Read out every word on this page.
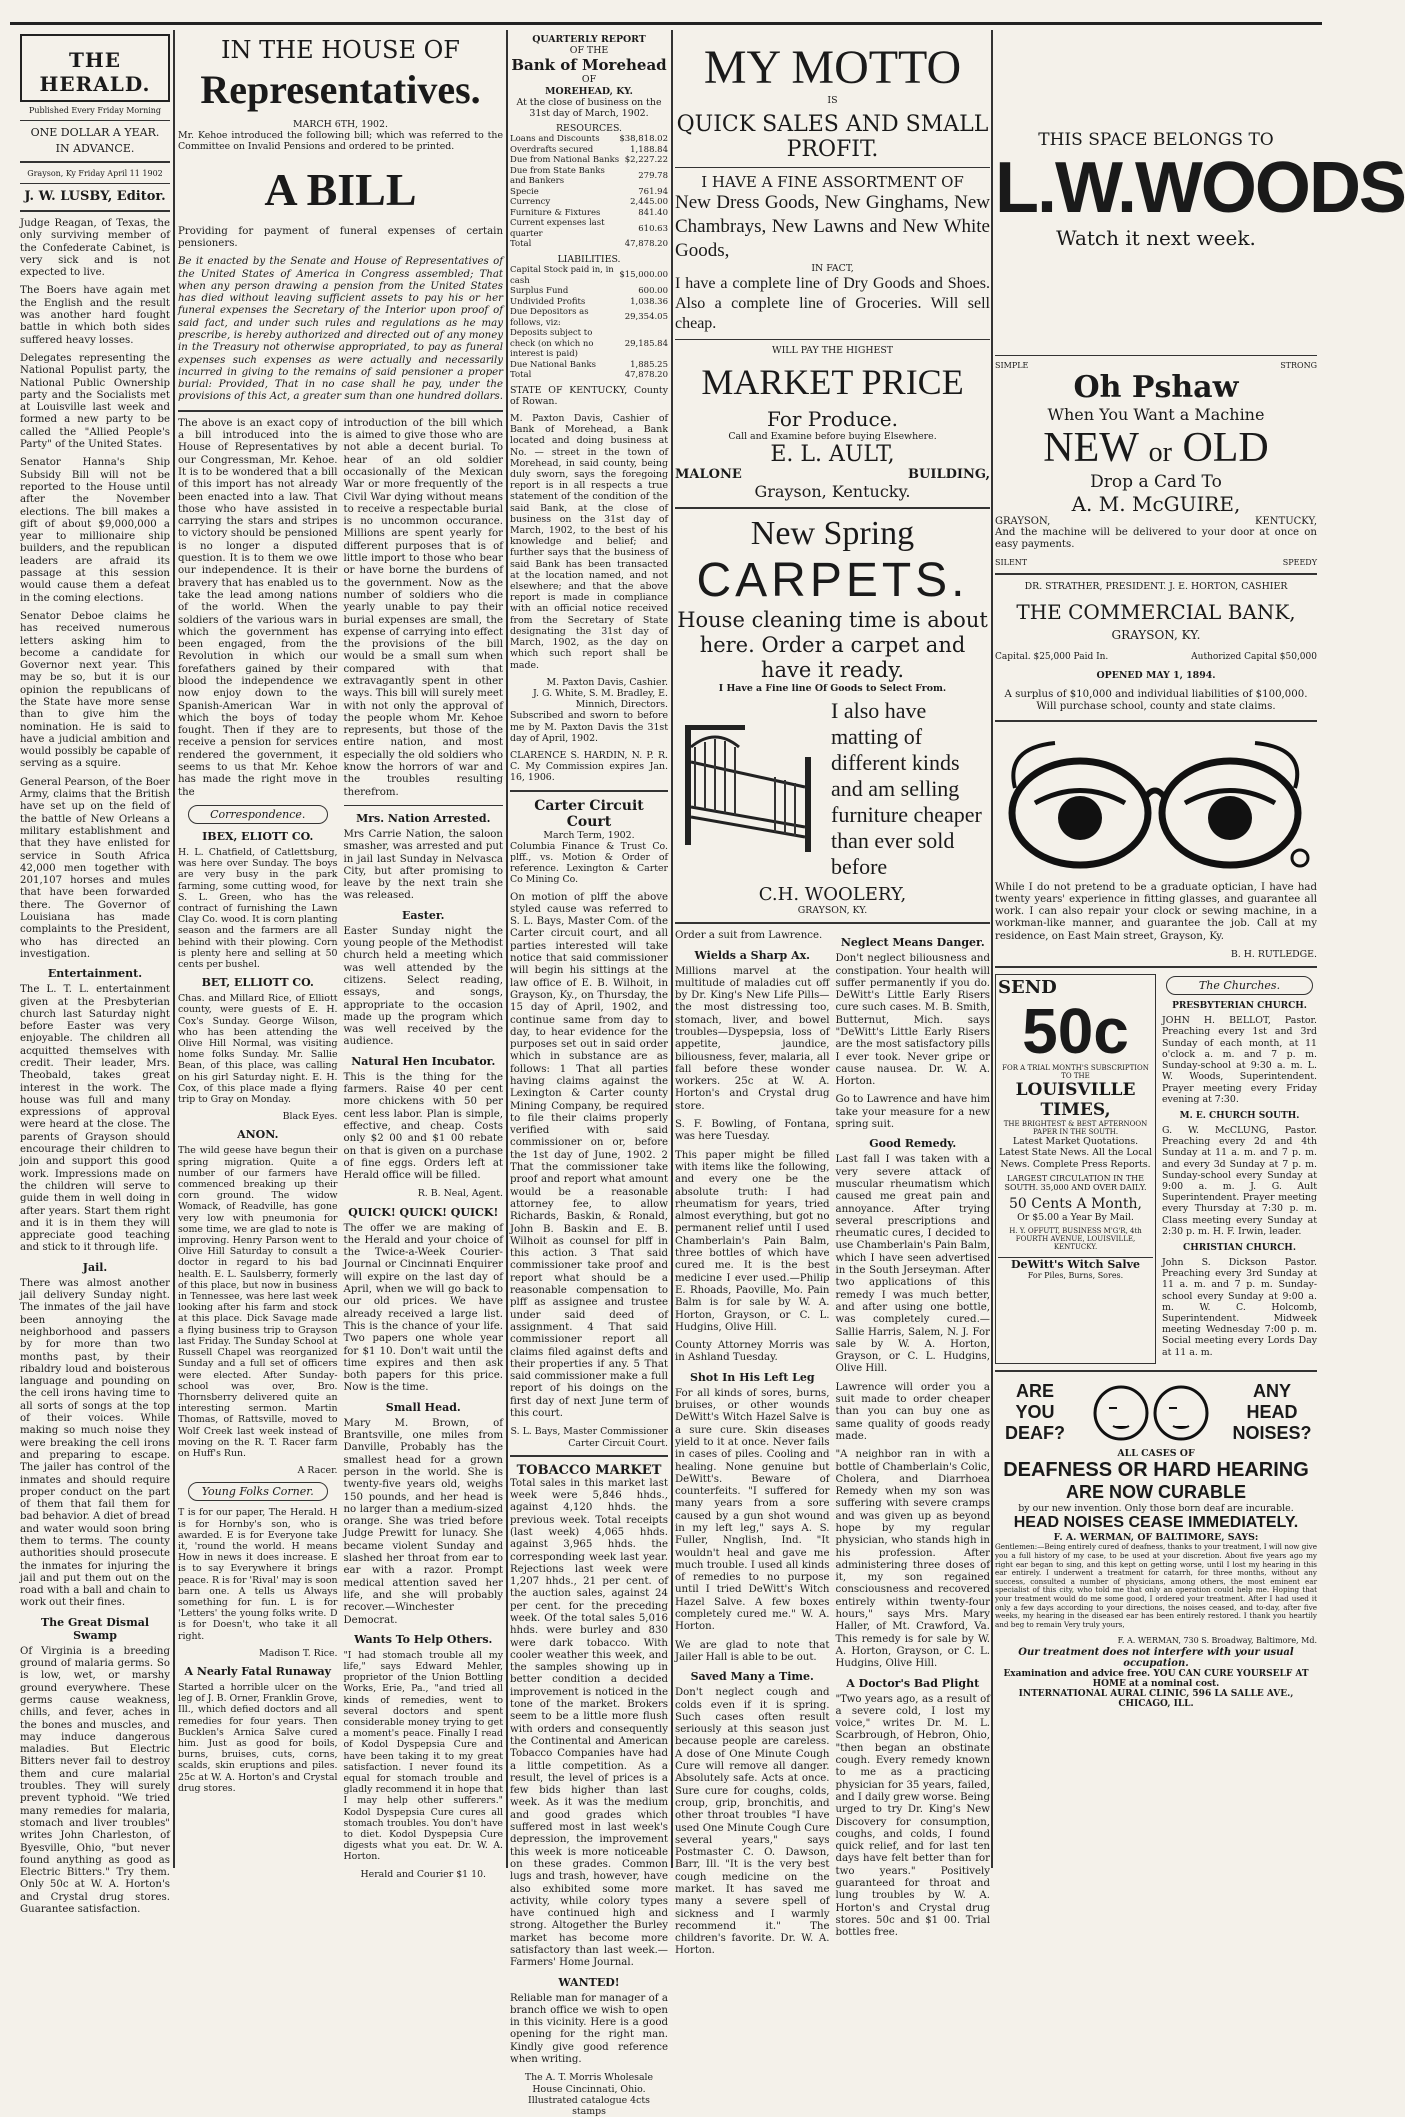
THE HERALD.
Published Every Friday Morning
ONE DOLLAR A YEAR.
IN ADVANCE.
Grayson, Ky Friday April 11 1902
J. W. LUSBY, Editor.

Judge Reagan, of Texas, the only surviving member of the Confederate Cabinet, is very sick and is not expected to live.

The Boers have again met the English and the result was another hard fought battle in which both sides suffered heavy losses.

Delegates representing the National Populist party, the National Public Ownership party and the Socialists met at Louisville last week and formed a new party to be called the "Allied People's Party" of the United States.

Senator Hanna's Ship Subsidy Bill will not be reported to the House until after the November elections. The bill makes a gift of about $9,000,000 a year to millionaire ship builders, and the republican leaders are afraid its passage at this session would cause them a defeat in the coming elections.

Senator Deboe claims he has received numerous letters asking him to become a candidate for Governor next year. This may be so, but it is our opinion the republicans of the State have more sense than to give him the nomination. He is said to have a judicial ambition and would possibly be capable of serving as a squire.

General Pearson, of the Boer Army, claims that the British have set up on the field of the battle of New Orleans a military establishment and that they have enlisted for service in South Africa 42,000 men together with 201,107 horses and mules that have been forwarded there. The Governor of Louisiana has made complaints to the President, who has directed an investigation.

Entertainment.

The L. T. L. entertainment given at the Presbyterian church last Saturday night before Easter was very enjoyable. The children all acquitted themselves with credit. Their leader, Mrs. Theobald, takes great interest in the work. The house was full and many expressions of approval were heard at the close. The parents of Grayson should encourage their children to join and support this good work. Impressions made on the children will serve to guide them in well doing in after years. Start them right and it is in them they will appreciate good teaching and stick to it through life.

Jail.

There was almost another jail delivery Sunday night. The inmates of the jail have been annoying the neighborhood and passers by for more than two months past, by their ribaldry loud and boisterous language and pounding on the cell irons having time to all sorts of songs at the top of their voices. While making so much noise they were breaking the cell irons and preparing to escape. The jailer has control of the inmates and should require proper conduct on the part of them that fail them for bad behavior. A diet of bread and water would soon bring them to terms. The county authorities should prosecute the inmates for injuring the jail and put them out on the road with a ball and chain to work out their fines.

The Great Dismal Swamp

Of Virginia is a breeding ground of malaria germs. So is low, wet, or marshy ground everywhere. These germs cause weakness, chills, and fever, aches in the bones and muscles, and may induce dangerous maladies. But Electric Bitters never fail to destroy them and cure malarial troubles. They will surely prevent typhoid. "We tried many remedies for malaria, stomach and liver troubles" writes John Charleston, of Byesville, Ohio, "but never found anything as good as Electric Bitters." Try them. Only 50c at W. A. Horton's and Crystal drug stores. Guarantee satisfaction.

IN THE HOUSE OF
Representatives.
MARCH 6TH, 1902.

Mr. Kehoe introduced the following bill; which was referred to the Committee on Invalid Pensions and ordered to be printed.

A BILL

Providing for payment of funeral expenses of certain pensioners.

Be it enacted by the Senate and House of Representatives of the United States of America in Congress assembled; That when any person drawing a pension from the United States has died without leaving sufficient assets to pay his or her funeral expenses the Secretary of the Interior upon proof of said fact, and under such rules and regulations as he may prescribe, is hereby authorized and directed out of any money in the Treasury not otherwise appropriated, to pay as funeral expenses such expenses as were actually and necessarily incurred in giving to the remains of said pensioner a proper burial: Provided, That in no case shall he pay, under the provisions of this Act, a greater sum than one hundred dollars.

The above is an exact copy of a bill introduced into the House of Representatives by our Congressman, Mr. Kehoe. It is to be wondered that a bill of this import has not already been enacted into a law. That those who have assisted in carrying the stars and stripes to victory should be pensioned is no longer a disputed question. It is to them we owe our independence. It is their bravery that has enabled us to take the lead among nations of the world. When the soldiers of the various wars in which the government has been engaged, from the Revolution in which our forefathers gained by their blood the independence we now enjoy down to the Spanish-American War in which the boys of today fought. Then if they are to receive a pension for services rendered the government, it seems to us that Mr. Kehoe has made the right move in the

Correspondence.
IBEX, ELIOTT CO.

H. L. Chatfield, of Catlettsburg, was here over Sunday. The boys are very busy in the park farming, some cutting wood, for S. L. Green, who has the contract of furnishing the Lawn Clay Co. wood. It is corn planting season and the farmers are all behind with their plowing. Corn is plenty here and selling at 50 cents per bushel.

BET, ELLIOTT CO.

Chas. and Millard Rice, of Elliott county, were guests of E. H. Cox's Sunday. George Wilson, who has been attending the Olive Hill Normal, was visiting home folks Sunday. Mr. Sallie Bean, of this place, was calling on his girl Saturday night. E. H. Cox, of this place made a flying trip to Gray on Monday.

Black Eyes.
ANON.

The wild geese have begun their spring migration. Quite a number of our farmers have commenced breaking up their corn ground. The widow Womack, of Readville, has gone very low with pneumonia for some time, we are glad to note is improving. Henry Parson went to Olive Hill Saturday to consult a doctor in regard to his bad health. E. L. Saulsberry, formerly of this place, but now in business in Tennessee, was here last week looking after his farm and stock at this place. Dick Savage made a flying business trip to Grayson last Friday. The Sunday School at Russell Chapel was reorganized Sunday and a full set of officers were elected. After Sunday-school was over, Bro. Thornsberry delivered quite an interesting sermon. Martin Thomas, of Rattsville, moved to Wolf Creek last week instead of moving on the R. T. Racer farm on Huff's Run.

A Racer.
Young Folks Corner.

T is for our paper, The Herald. H is for Hornby's son, who is awarded. E is for Everyone take it, 'round the world. H means How in news it does increase. E is to say Everywhere it brings peace. R is for 'Rival' may is soon barn one. A tells us Always something for fun. L is for 'Letters' the young folks write. D is for Doesn't, who take it all right.

Madison T. Rice.
A Nearly Fatal Runaway

Started a horrible ulcer on the leg of J. B. Orner, Franklin Grove, Ill., which defied doctors and all remedies for four years. Then Bucklen's Arnica Salve cured him. Just as good for boils, burns, bruises, cuts, corns, scalds, skin eruptions and piles. 25c at W. A. Horton's and Crystal drug stores.

introduction of the bill which is aimed to give those who are not able a decent burial. To hear of an old soldier occasionally of the Mexican War or more frequently of the Civil War dying without means to receive a respectable burial is no uncommon occurance. Millions are spent yearly for different purposes that is of little import to those who bear or have borne the burdens of the government. Now as the number of soldiers who die yearly unable to pay their burial expenses are small, the expense of carrying into effect the provisions of the bill would be a small sum when compared with that extravagantly spent in other ways. This bill will surely meet with not only the approval of the people whom Mr. Kehoe represents, but those of the entire nation, and most especially the old soldiers who know the horrors of war and the troubles resulting therefrom.

Mrs. Nation Arrested.

Mrs Carrie Nation, the saloon smasher, was arrested and put in jail last Sunday in Nelvasca City, but after promising to leave by the next train she was released.

Easter.

Easter Sunday night the young people of the Methodist church held a meeting which was well attended by the citizens. Select reading, essays, and songs, appropriate to the occasion made up the program which was well received by the audience.

Natural Hen Incubator.

This is the thing for the farmers. Raise 40 per cent more chickens with 50 per cent less labor. Plan is simple, effective, and cheap. Costs only $2 00 and $1 00 rebate on that is given on a purchase of fine eggs. Orders left at Herald office will be filled.

R. B. Neal, Agent.
QUICK! QUICK! QUICK!

The offer we are making of the Herald and your choice of the Twice-a-Week Courier-Journal or Cincinnati Enquirer will expire on the last day of April, when we will go back to our old prices. We have already received a large list. This is the chance of your life. Two papers one whole year for $1 10. Don't wait until the time expires and then ask both papers for this price. Now is the time.

Small Head.

Mary M. Brown, of Brantsville, one miles from Danville, Probably has the smallest head for a grown person in the world. She is twenty-five years old, weighs 150 pounds, and her head is no larger than a medium-sized orange. She was tried before Judge Prewitt for lunacy. She became violent Sunday and slashed her throat from ear to ear with a razor. Prompt medical attention saved her life, and she will probably recover.—Winchester Democrat.

Wants To Help Others.

"I had stomach trouble all my life," says Edward Mehler, proprietor of the Union Bottling Works, Erie, Pa., "and tried all kinds of remedies, went to several doctors and spent considerable money trying to get a moment's peace. Finally I read of Kodol Dyspepsia Cure and have been taking it to my great satisfaction. I never found its equal for stomach trouble and gladly recommend it in hope that I may help other sufferers." Kodol Dyspepsia Cure cures all stomach troubles. You don't have to diet. Kodol Dyspepsia Cure digests what you eat. Dr. W. A. Horton.

Herald and Courier $1 10.
QUARTERLY REPORT
OF THE
Bank of Morehead
OF
MOREHEAD, KY.
At the close of business on the 31st day of March, 1902.
RESOURCES.
Loans and Discounts	$38,818.02
Overdrafts secured	1,188.84
Due from National Banks	$2,227.22
Due from State Banks and Bankers	279.78
Specie	761.94
Currency	2,445.00
Furniture & Fixtures	841.40
Current expenses last quarter	610.63
Total	47,878.20
LIABILITIES.
Capital Stock paid in, in cash	$15,000.00
Surplus Fund	600.00
Undivided Profits	1,038.36
Due Depositors as follows, viz:	29,354.05
Deposits subject to check (on which no interest is paid)	29,185.84
Due National Banks	1,885.25
Total	47,878.20

STATE OF KENTUCKY, County of Rowan.

M. Paxton Davis, Cashier of Bank of Morehead, a Bank located and doing business at No. — street in the town of Morehead, in said county, being duly sworn, says the foregoing report is in all respects a true statement of the condition of the said Bank, at the close of business on the 31st day of March, 1902, to the best of his knowledge and belief; and further says that the business of said Bank has been transacted at the location named, and not elsewhere; and that the above report is made in compliance with an official notice received from the Secretary of State designating the 31st day of March, 1902, as the day on which such report shall be made.

M. Paxton Davis, Cashier.
J. G. White, S. M. Bradley, E. Minnich, Directors.

Subscribed and sworn to before me by M. Paxton Davis the 31st day of April, 1902.

CLARENCE S. HARDIN, N. P. R. C. My Commission expires Jan. 16, 1906.

Carter Circuit Court
March Term, 1902.

Columbia Finance & Trust Co. plff., vs. Motion & Order of reference. Lexington & Carter Co Mining Co.

On motion of plff the above styled cause was referred to S. L. Bays, Master Com. of the Carter circuit court, and all parties interested will take notice that said commissioner will begin his sittings at the law office of E. B. Wilhoit, in Grayson, Ky., on Thursday, the 15 day of April, 1902, and continue same from day to day, to hear evidence for the purposes set out in said order which in substance are as follows: 1 That all parties having claims against the Lexington & Carter county Mining Company, be required to file their claims properly verified with said commissioner on or, before the 1st day of June, 1902. 2 That the commissioner take proof and report what amount would be a reasonable attorney fee, to allow Richards, Baskin, & Ronald, John B. Baskin and E. B. Wilhoit as counsel for plff in this action. 3 That said commissioner take proof and report what should be a reasonable compensation to plff as assignee and trustee under said deed of assignment. 4 That said commissioner report all claims filed against defts and their properties if any. 5 That said commissioner make a full report of his doings on the first day of next June term of this court.

S. L. Bays, Master Commissioner Carter Circuit Court.
TOBACCO MARKET

Total sales in this market last week were 5,846 hhds., against 4,120 hhds. the previous week. Total receipts (last week) 4,065 hhds. against 3,965 hhds. the corresponding week last year. Rejections last week were 1,207 hhds., 21 per cent. of the auction sales, against 24 per cent. for the preceding week. Of the total sales 5,016 hhds. were burley and 830 were dark tobacco. With cooler weather this week, and the samples showing up in better condition a decided improvement is noticed in the tone of the market. Brokers seem to be a little more flush with orders and consequently the Continental and American Tobacco Companies have had a little competition. As a result, the level of prices is a few bids higher than last week. As it was the medium and good grades which suffered most in last week's depression, the improvement this week is more noticeable on these grades. Common lugs and trash, however, have also exhibited some more activity, while colory types have continued high and strong. Altogether the Burley market has become more satisfactory than last week.—Farmers' Home Journal.

WANTED!

Reliable man for manager of a branch office we wish to open in this vicinity. Here is a good opening for the right man. Kindly give good reference when writing.

The A. T. Morris Wholesale House Cincinnati, Ohio.
Illustrated catalogue 4cts stamps
MY MOTTO
IS
QUICK SALES AND SMALL PROFIT.
I HAVE A FINE ASSORTMENT OF
New Dress Goods, New Ginghams, New Chambrays, New Lawns and New White Goods,
IN FACT,
I have a complete line of Dry Goods and Shoes. Also a complete line of Groceries. Will sell cheap.
WILL PAY THE HIGHEST
MARKET PRICE
For Produce.
Call and Examine before buying Elsewhere.
E. L. AULT,
MALONE	BUILDING,
Grayson, Kentucky.
New Spring
CARPETS.
House cleaning time is about here. Order a carpet and have it ready.
I Have a Fine line Of Goods to Select From.
I also have matting of different kinds and am selling furniture cheaper than ever sold before
C.H. WOOLERY,
GRAYSON, KY.

Order a suit from Lawrence.

Wields a Sharp Ax.

Millions marvel at the multitude of maladies cut off by Dr. King's New Life Pills—the most distressing too, stomach, liver, and bowel troubles—Dyspepsia, loss of appetite, jaundice, biliousness, fever, malaria, all fall before these wonder workers. 25c at W. A. Horton's and Crystal drug store.

S. F. Bowling, of Fontana, was here Tuesday.

This paper might be filled with items like the following, and every one be the absolute truth: I had rheumatism for years, tried almost everything, but got no permanent relief until I used Chamberlain's Pain Balm, three bottles of which have cured me. It is the best medicine I ever used.—Philip E. Rhoads, Paoville, Mo. Pain Balm is for sale by W. A. Horton, Grayson, or C. L. Hudgins, Olive Hill.

County Attorney Morris was in Ashland Tuesday.

Shot In His Left Leg

For all kinds of sores, burns, bruises, or other wounds DeWitt's Witch Hazel Salve is a sure cure. Skin diseases yield to it at once. Never fails in cases of piles. Cooling and healing. None genuine but DeWitt's. Beware of counterfeits. "I suffered for many years from a sore caused by a gun shot wound in my left leg," says A. S. Fuller, Nnglish, Ind. "It wouldn't heal and gave me much trouble. I used all kinds of remedies to no purpose until I tried DeWitt's Witch Hazel Salve. A few boxes completely cured me." W. A. Horton.

We are glad to note that Jailer Hall is able to be out.

Saved Many a Time.

Don't neglect cough and colds even if it is spring. Such cases often result seriously at this season just because people are careless. A dose of One Minute Cough Cure will remove all danger. Absolutely safe. Acts at once. Sure cure for coughs, colds, croup, grip, bronchitis, and other throat troubles "I have used One Minute Cough Cure several years," says Postmaster C. O. Dawson, Barr, Ill. "It is the very best cough medicine on the market. It has saved me many a severe spell of sickness and I warmly recommend it." The children's favorite. Dr. W. A. Horton.

Neglect Means Danger.

Don't neglect biliousness and constipation. Your health will suffer permanently if you do. DeWitt's Little Early Risers cure such cases. M. B. Smith, Butternut, Mich. says "DeWitt's Little Early Risers are the most satisfactory pills I ever took. Never gripe or cause nausea. Dr. W. A. Horton.

Go to Lawrence and have him take your measure for a new spring suit.

Good Remedy.

Last fall I was taken with a very severe attack of muscular rheumatism which caused me great pain and annoyance. After trying several prescriptions and rheumatic cures, I decided to use Chamberlain's Pain Balm, which I have seen advertised in the South Jerseyman. After two applications of this remedy I was much better, and after using one bottle, was completely cured.—Sallie Harris, Salem, N. J. For sale by W. A. Horton, Grayson, or C. L. Hudgins, Olive Hill.

Lawrence will order you a suit made to order cheaper than you can buy one as same quality of goods ready made.

"A neighbor ran in with a bottle of Chamberlain's Colic, Cholera, and Diarrhoea Remedy when my son was suffering with severe cramps and was given up as beyond hope by my regular physician, who stands high in his profession. After administering three doses of it, my son regained consciousness and recovered entirely within twenty-four hours," says Mrs. Mary Haller, of Mt. Crawford, Va. This remedy is for sale by W. A. Horton, Grayson, or C. L. Hudgins, Olive Hill.

A Doctor's Bad Plight

"Two years ago, as a result of a severe cold, I lost my voice," writes Dr. M. L. Scarbrough, of Hebron, Ohio, "then began an obstinate cough. Every remedy known to me as a practicing physician for 35 years, failed, and I daily grew worse. Being urged to try Dr. King's New Discovery for consumption, coughs, and colds, I found quick relief, and for last ten days have felt better than for two years." Positively guaranteed for throat and lung troubles by W. A. Horton's and Crystal drug stores. 50c and $1 00. Trial bottles free.

THIS SPACE BELONGS TO
L.W.WOODS
Watch it next week.
SIMPLE	STRONG
Oh Pshaw
When You Want a Machine
NEW or OLD
Drop a Card To
A. M. McGUIRE,
GRAYSON,	KENTUCKY,

And the machine will be delivered to your door at once on easy payments.

SILENT	SPEEDY
DR. STRATHER, PRESIDENT. J. E. HORTON, CASHIER
THE COMMERCIAL BANK,
GRAYSON, KY.
Capital. $25,000 Paid In.	Authorized Capital $50,000
OPENED MAY 1, 1894.

A surplus of $10,000 and individual liabilities of $100,000. Will purchase school, county and state claims.

While I do not pretend to be a graduate optician, I have had twenty years' experience in fitting glasses, and guarantee all work. I can also repair your clock or sewing machine, in a workman-like manner, and guarantee the job. Call at my residence, on East Main street, Grayson, Ky.

B. H. RUTLEDGE.
SEND
50c
FOR A TRIAL MONTH'S SUBSCRIPTION TO THE
LOUISVILLE TIMES,
THE BRIGHTEST & BEST AFTERNOON PAPER IN THE SOUTH.
Latest Market Quotations. Latest State News. All the Local News. Complete Press Reports.
LARGEST CIRCULATION IN THE SOUTH. 35,000 AND OVER DAILY.
50 Cents A Month,
Or $5.00 a Year By Mail.
H. Y. OFFUTT, BUSINESS M'G'R, 4th FOURTH AVENUE, LOUISVILLE, KENTUCKY.
DeWitt's Witch Salve
For Piles, Burns, Sores.
The Churches.
PRESBYTERIAN CHURCH.

JOHN H. BELLOT, Pastor. Preaching every 1st and 3rd Sunday of each month, at 11 o'clock a. m. and 7 p. m. Sunday-school at 9:30 a. m. L. W. Woods, Superintendent. Prayer meeting every Friday evening at 7:30.

M. E. CHURCH SOUTH.

G. W. McCLUNG, Pastor. Preaching every 2d and 4th Sunday at 11 a. m. and 7 p. m. and every 3d Sunday at 7 p. m. Sunday-school every Sunday at 9:00 a. m. J. G. Ault Superintendent. Prayer meeting every Thursday at 7:30 p. m. Class meeting every Sunday at 2:30 p. m. H. F. Irwin, leader.

CHRISTIAN CHURCH.

John S. Dickson Pastor. Preaching every 3rd Sunday at 11 a. m. and 7 p. m. Sunday-school every Sunday at 9:00 a. m. W. C. Holcomb, Superintendent. Midweek meeting Wednesday 7:00 p. m. Social meeting every Lords Day at 11 a. m.

ARE YOU DEAF?
ANY HEAD NOISES?
ALL CASES OF
DEAFNESS OR HARD HEARING
ARE NOW CURABLE
by our new invention. Only those born deaf are incurable.
HEAD NOISES CEASE IMMEDIATELY.
F. A. WERMAN, OF BALTIMORE, SAYS:

Gentlemen:—Being entirely cured of deafness, thanks to your treatment, I will now give you a full history of my case, to be used at your discretion. About five years ago my right ear began to sing, and this kept on getting worse, until I lost my hearing in this ear entirely. I underwent a treatment for catarrh, for three months, without any success, consulted a number of physicians, among others, the most eminent ear specialist of this city, who told me that only an operation could help me. Hoping that your treatment would do me some good, I ordered your treatment. After I had used it only a few days according to your directions, the noises ceased, and to-day, after five weeks, my hearing in the diseased ear has been entirely restored. I thank you heartily and beg to remain Very truly yours,

F. A. WERMAN, 730 S. Broadway, Baltimore, Md.
Our treatment does not interfere with your usual occupation.
Examination and advice free. YOU CAN CURE YOURSELF AT HOME at a nominal cost.
INTERNATIONAL AURAL CLINIC, 596 LA SALLE AVE., CHICAGO, ILL.
